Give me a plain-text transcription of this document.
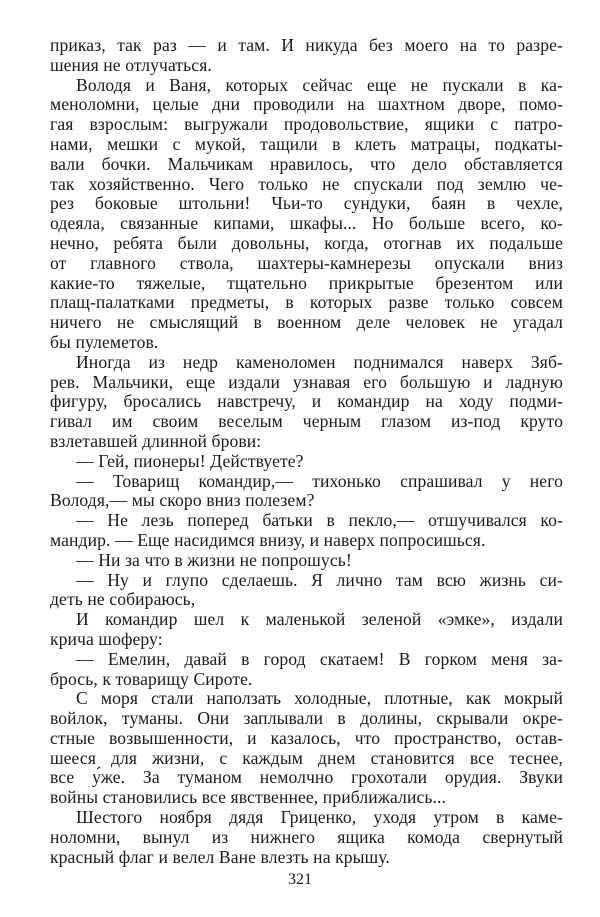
приказ, так раз — и там. И никуда без моего на то разре-
шения не отлучаться.
Володя и Ваня, которых сейчас еще не пускали в ка-
меноломни, целые дни проводили на шахтном дворе, помо-
гая взрослым: выгружали продовольствие, ящики с патро-
нами, мешки с мукой, тащили в клеть матрацы, подкаты-
вали бочки. Мальчикам нравилось, что дело обставляется
так хозяйственно. Чего только не спускали под землю че-
рез боковые штольни! Чьи-то сундуки, баян в чехле,
одеяла, связанные кипами, шкафы... Но больше всего, ко-
нечно, ребята были довольны, когда, отогнав их подальше
от главного ствола, шахтеры-камнерезы опускали вниз
какие-то тяжелые, тщательно прикрытые брезентом или
плащ-палатками предметы, в которых разве только совсем
ничего не смыслящий в военном деле человек не угадал
бы пулеметов.
Иногда из недр каменоломен поднимался наверх Зяб-
рев. Мальчики, еще издали узнавая его большую и ладную
фигуру, бросались навстречу, и командир на ходу подми-
гивал им своим веселым черным глазом из-под круто
взлетавшей длинной брови:
— Гей, пионеры! Действуете?
— Товарищ командир,— тихонько спрашивал у него
Володя,— мы скоро вниз полезем?
— Не лезь поперед батьки в пекло,— отшучивался ко-
мандир. — Еще насидимся внизу, и наверх попросишься.
— Ни за что в жизни не попрошусь!
— Ну и глупо сделаешь. Я лично там всю жизнь си-
деть не собираюсь,
И командир шел к маленькой зеленой «эмке», издали
крича шоферу:
— Емелин, давай в город скатаем! В горком меня за-
брось, к товарищу Сироте.
С моря стали наползать холодные, плотные, как мокрый
войлок, туманы. Они заплывали в долины, скрывали окре-
стные возвышенности, и казалось, что пространство, остав-
шееся для жизни, с каждым днем становится все теснее,
все у́же. За туманом немолчно грохотали орудия. Звуки
войны становились все явственнее, приближались...
Шестого ноября дядя Гриценко, уходя утром в каме-
ноломни, вынул из нижнего ящика комода свернутый
красный флаг и велел Ване влезть на крышу.
321
